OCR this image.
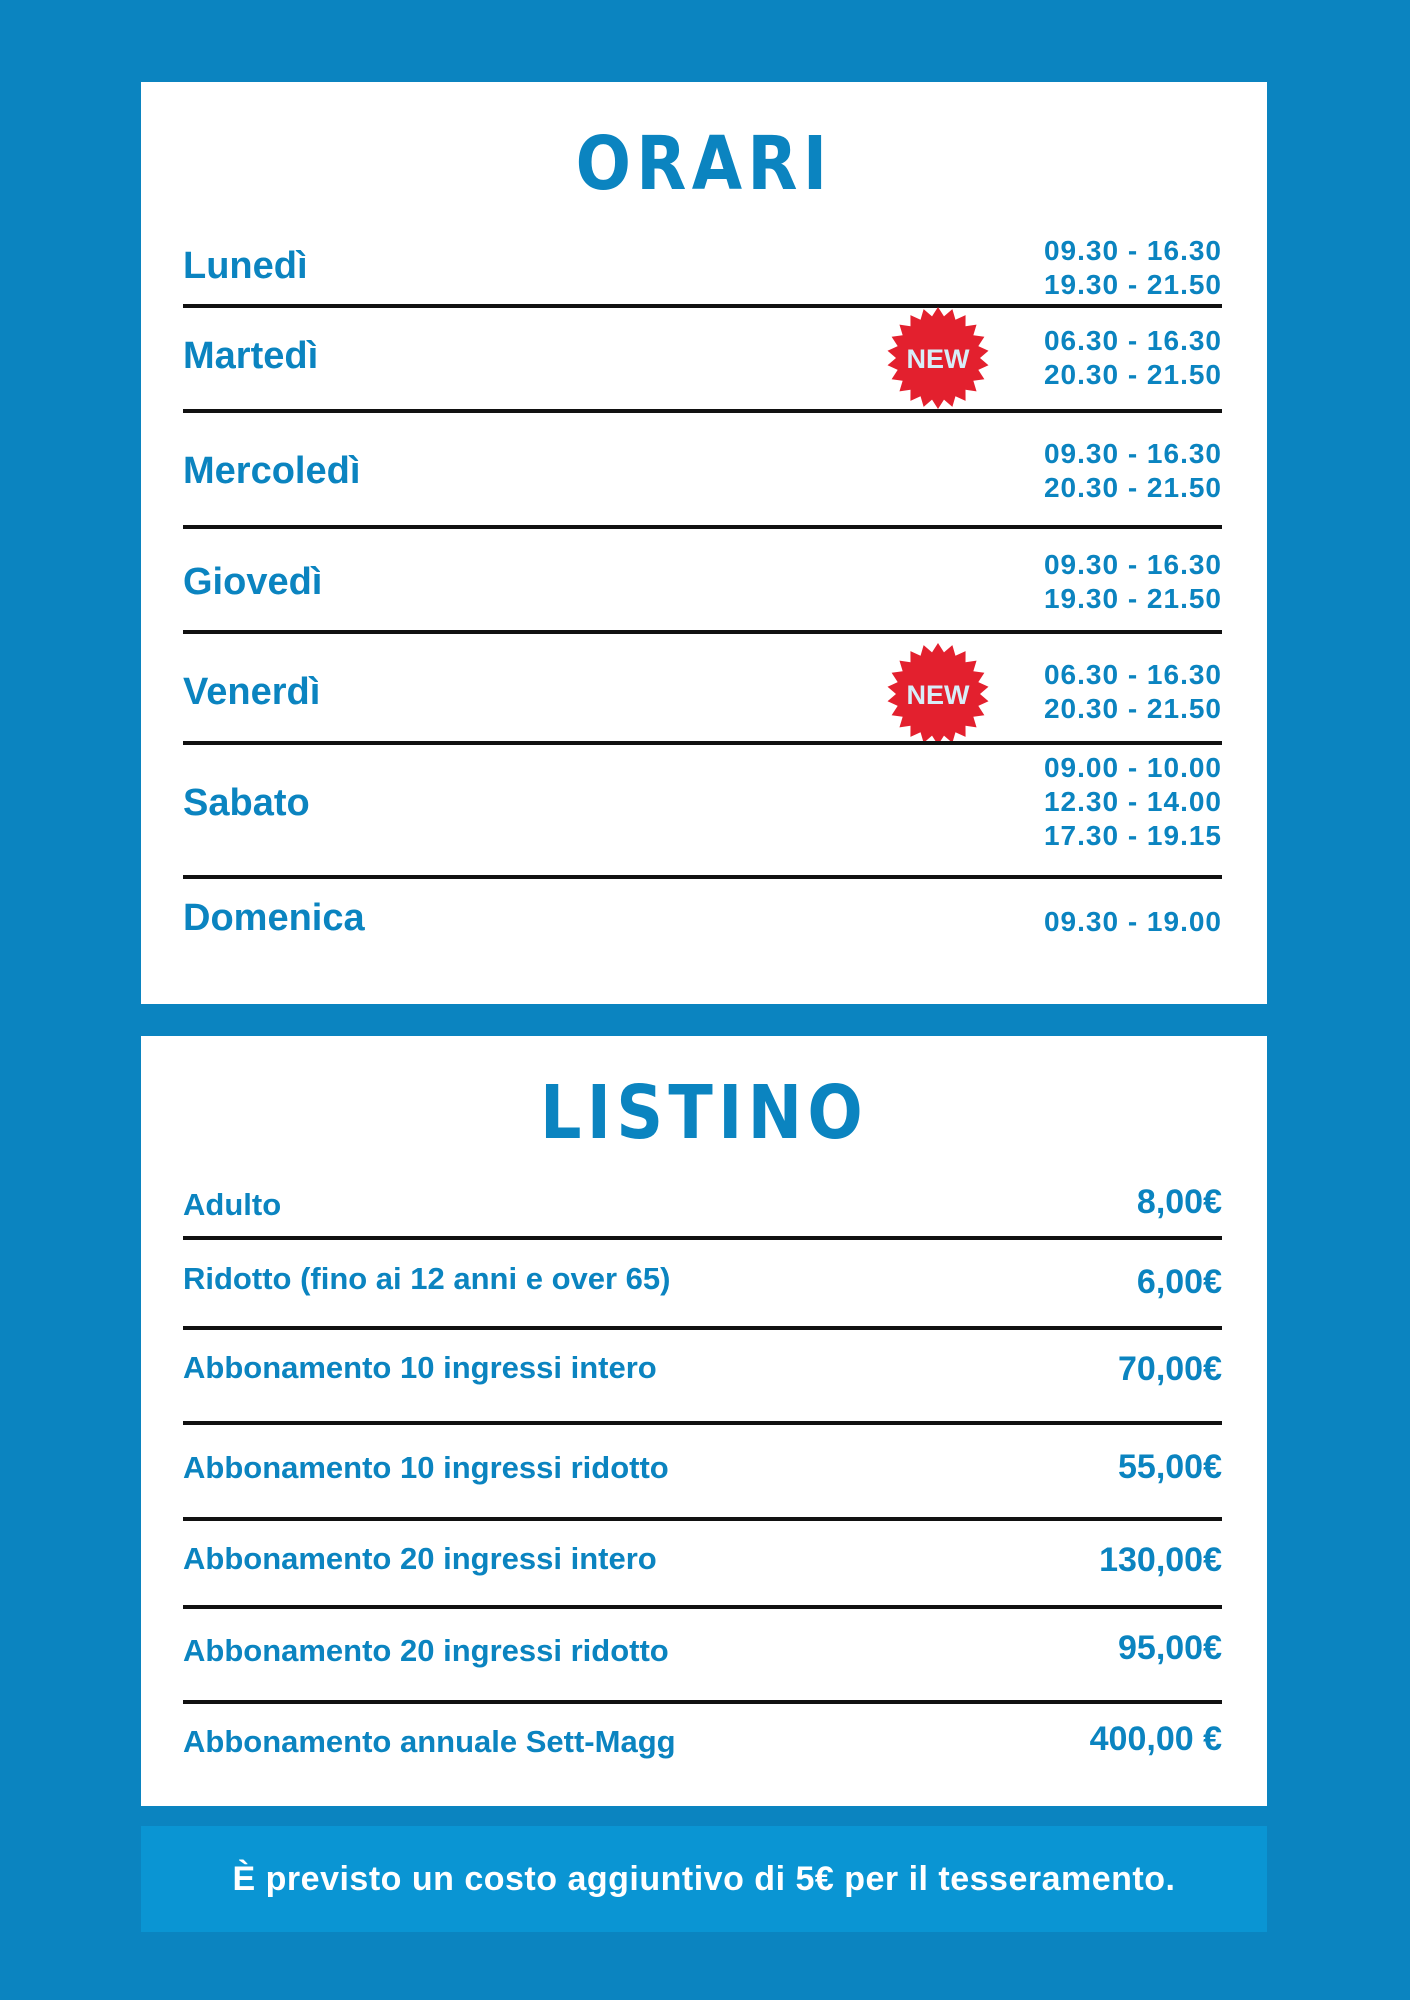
ORARI
Lunedì	09.30 - 16.30
19.30 - 21.50
Martedì	06.30 - 16.30
20.30 - 21.50
NEW
Mercoledì	09.30 - 16.30
20.30 - 21.50
Giovedì	09.30 - 16.30
19.30 - 21.50
Venerdì	06.30 - 16.30
20.30 - 21.50
NEW
Sabato
09.00 - 10.00
12.30 - 14.00
17.30 - 19.15
Domenica	09.30 - 19.00
LISTINO
Adulto	8,00€
Ridotto (fino ai 12 anni e over 65)	6,00€
Abbonamento 10 ingressi intero	70,00€
Abbonamento 10 ingressi ridotto	55,00€
Abbonamento 20 ingressi intero	130,00€
Abbonamento 20 ingressi ridotto	95,00€
Abbonamento annuale Sett-Magg	400,00 €
È previsto un costo aggiuntivo di 5€ per il tesseramento.
